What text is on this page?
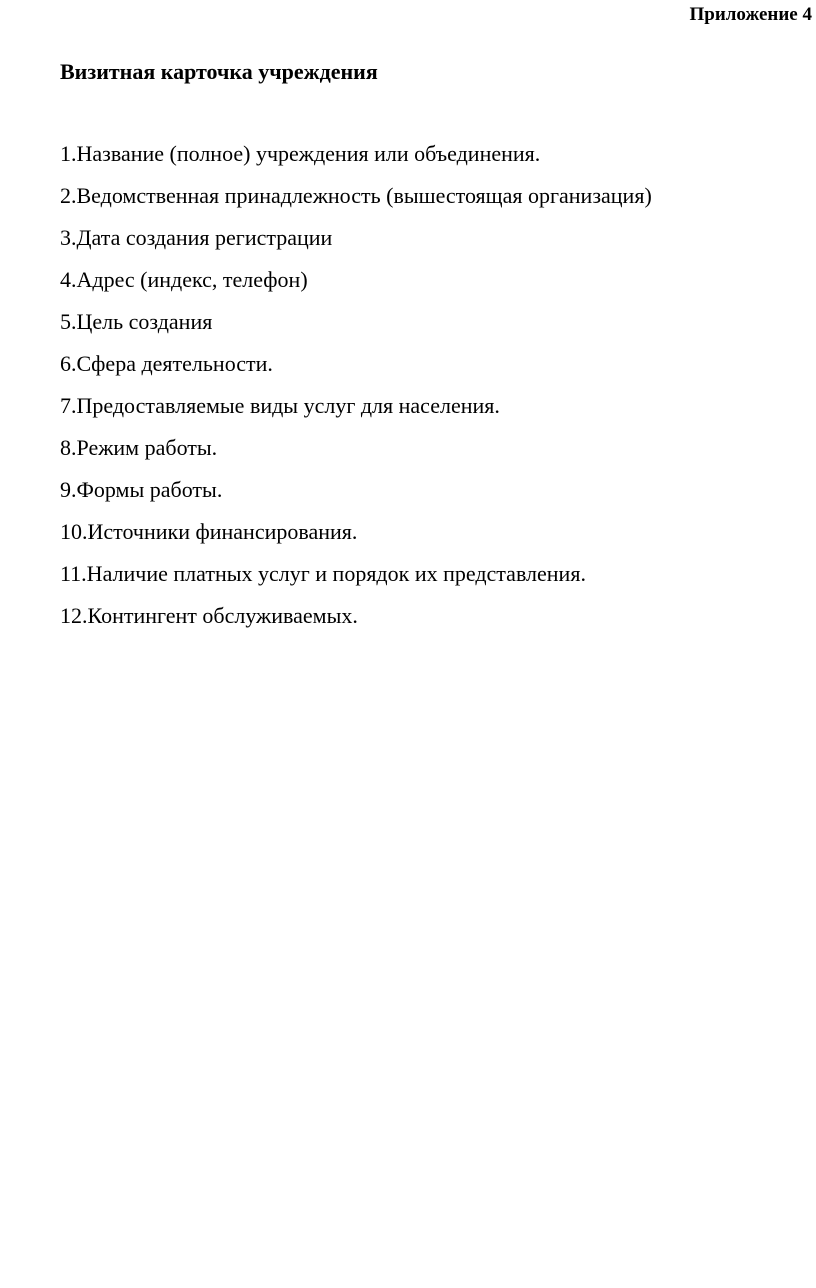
Приложение 4
Визитная карточка учреждения
1.Название (полное) учреждения или объединения.
2.Ведомственная принадлежность (вышестоящая организация)
3.Дата создания регистрации
4.Адрес (индекс, телефон)
5.Цель создания
6.Сфера деятельности.
7.Предоставляемые виды услуг для населения.
8.Режим работы.
9.Формы работы.
10.Источники финансирования.
11.Наличие платных услуг и порядок их представления.
12.Контингент обслуживаемых.
